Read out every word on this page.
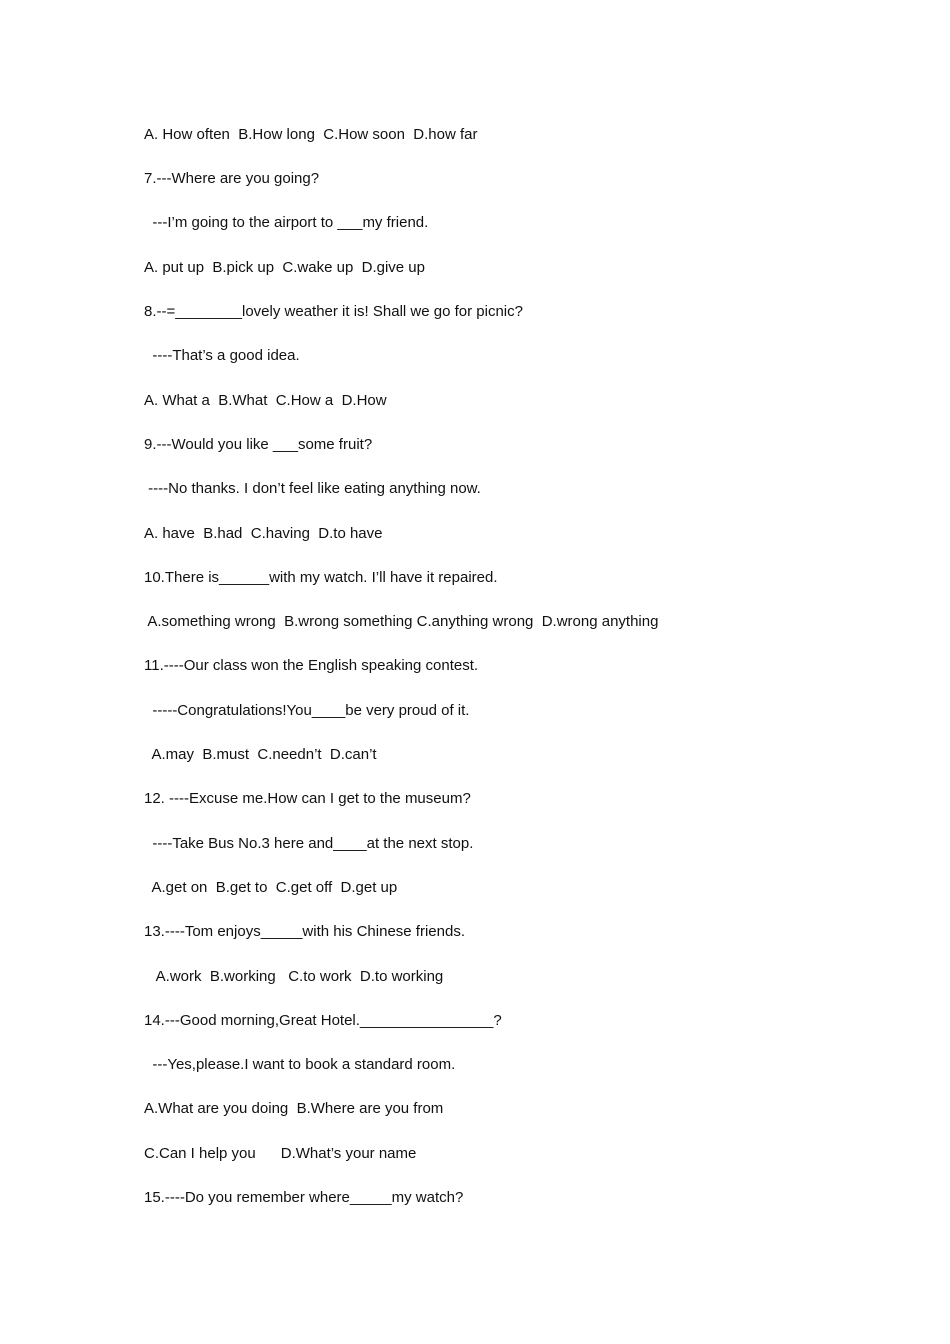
A. How often  B.How long  C.How soon  D.how far
7.---Where are you going?
---I’m going to the airport to ___my friend.
A. put up  B.pick up  C.wake up  D.give up
8.--=________lovely weather it is! Shall we go for picnic?
----That’s a good idea.
A. What a  B.What  C.How a  D.How
9.---Would you like ___some fruit?
----No thanks. I don’t feel like eating anything now.
A. have  B.had  C.having  D.to have
10.There is______with my watch. I’ll have it repaired.
A.something wrong  B.wrong something C.anything wrong  D.wrong anything
11.----Our class won the English speaking contest.
-----Congratulations!You____be very proud of it.
A.may  B.must  C.needn’t  D.can’t
12. ----Excuse me.How can I get to the museum?
----Take Bus No.3 here and____at the next stop.
A.get on  B.get to  C.get off  D.get up
13.----Tom enjoys_____with his Chinese friends.
A.work  B.working   C.to work  D.to working
14.---Good morning,Great Hotel.________________?
---Yes,please.I want to book a standard room.
A.What are you doing  B.Where are you from
C.Can I help you      D.What’s your name
15.----Do you remember where_____my watch?
